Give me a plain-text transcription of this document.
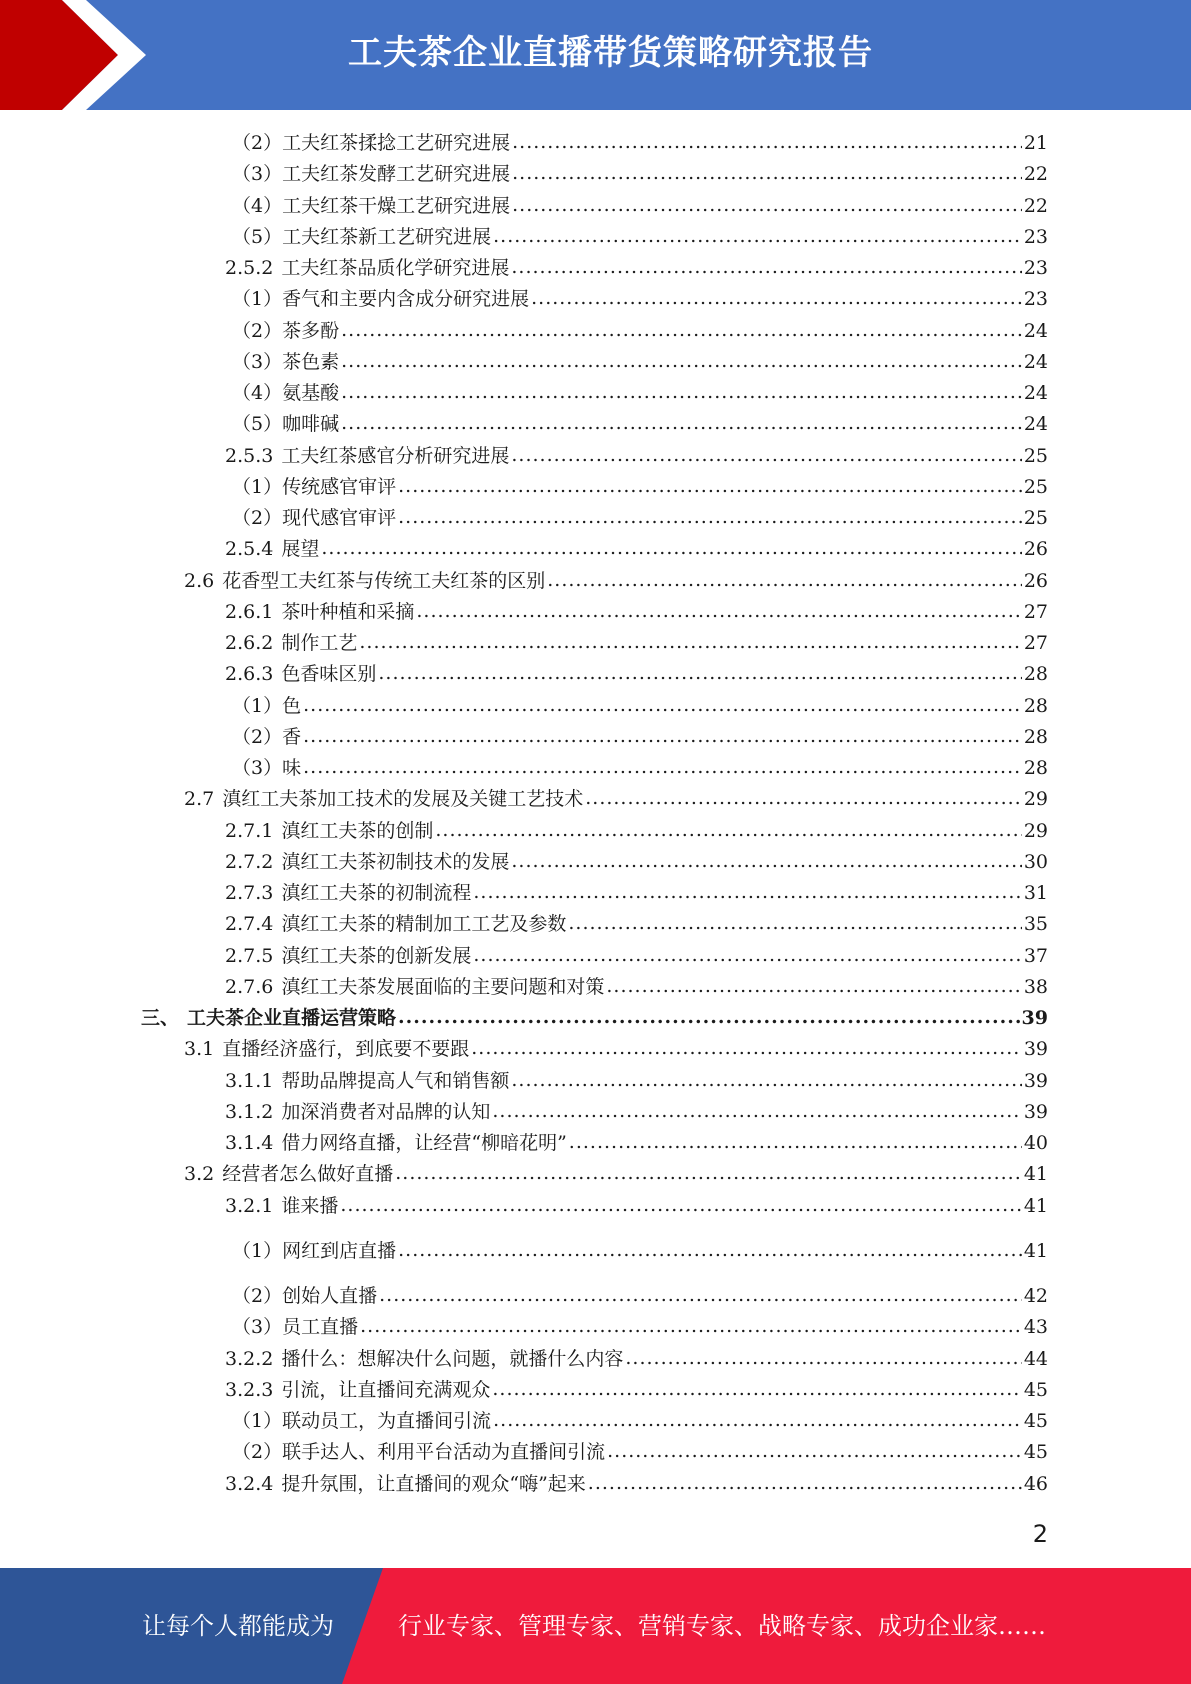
工夫茶企业直播带货策略研究报告
（2） 工夫红茶揉捻工艺研究进展 .....	21
（3） 工夫红茶发酵工艺研究进展 .....	22
（4） 工夫红茶干燥工艺研究进展 .....	22
（5） 工夫红茶新工艺研究进展 .....	23
2.5.2 工夫红茶品质化学研究进展 .....	23
（1） 香气和主要内含成分研究进展 .....	23
（2） 茶多酚 .....	24
（3） 茶色素 .....	24
（4） 氨基酸 .....	24
（5） 咖啡碱 .....	24
2.5.3 工夫红茶感官分析研究进展 .....	25
（1） 传统感官审评 .....	25
（2） 现代感官审评 .....	25
2.5.4 展望 .....	26
2.6 花香型工夫红茶与传统工夫红茶的区别 .....	26
2.6.1 茶叶种植和采摘 .....	27
2.6.2 制作工艺 .....	27
2.6.3 色香味区别 .....	28
（1） 色 .....	28
（2） 香 .....	28
（3） 味 .....	28
2.7 滇红工夫茶加工技术的发展及关键工艺技术 .....	29
2.7.1 滇红工夫茶的创制 .....	29
2.7.2 滇红工夫茶初制技术的发展 .....	30
2.7.3 滇红工夫茶的初制流程 .....	31
2.7.4 滇红工夫茶的精制加工工艺及参数 .....	35
2.7.5 滇红工夫茶的创新发展 .....	37
2.7.6 滇红工夫茶发展面临的主要问题和对策 .....	38
三、 工夫茶企业直播运营策略 .....	39
3.1 直播经济盛行，到底要不要跟 .....	39
3.1.1 帮助品牌提高人气和销售额 .....	39
3.1.2 加深消费者对品牌的认知 .....	39
3.1.4 借力网络直播，让经营“柳暗花明” .....	40
3.2 经营者怎么做好直播 .....	41
3.2.1 谁来播 .....	41
（1） 网红到店直播 .....	41
（2） 创始人直播 .....	42
（3） 员工直播 .....	43
3.2.2 播什么：想解决什么问题，就播什么内容 .....	44
3.2.3 引流，让直播间充满观众 .....	45
（1） 联动员工，为直播间引流 .....	45
（2） 联手达人、利用平台活动为直播间引流 .....	45
3.2.4 提升氛围，让直播间的观众“嗨”起来 .....	46
2
让每个人都能成为	行业专家、管理专家、营销专家、战略专家、成功企业家……
